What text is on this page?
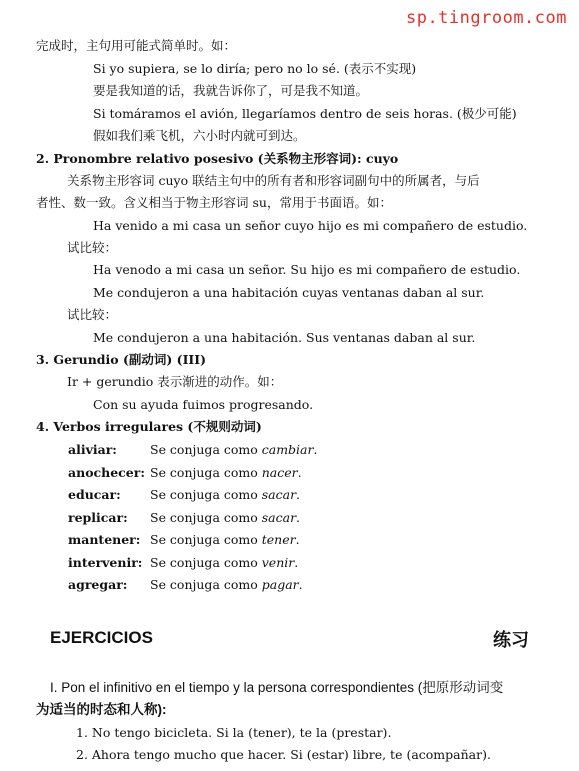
sp.tingroom.com
完成时，主句用可能式简单时。如：
Si yo supiera, se lo diría; pero no lo sé. (表示不实现)
要是我知道的话，我就告诉你了，可是我不知道。
Si tomáramos el avión, llegaríamos dentro de seis horas. (极少可能)
假如我们乘飞机，六小时内就可到达。
2. Pronombre relativo posesivo (关系物主形容词): cuyo
关系物主形容词 cuyo 联结主句中的所有者和形容词副句中的所属者，与后
者性、数一致。含义相当于物主形容词 su，常用于书面语。如：
Ha venido a mi casa un señor cuyo hijo es mi compañero de estudio.
试比较：
Ha venodo a mi casa un señor. Su hijo es mi compañero de estudio.
Me condujeron a una habitación cuyas ventanas daban al sur.
试比较：
Me condujeron a una habitación. Sus ventanas daban al sur.
3. Gerundio (副动词) (III)
Ir + gerundio 表示渐进的动作。如：
Con su ayuda fuimos progresando.
4. Verbos irregulares (不规则动词)
aliviar:	Se conjuga como cambiar.
anochecer: Se conjuga como nacer.
educar: Se conjuga como sacar.
replicar: Se conjuga como sacar.
mantener: Se conjuga como tener.
intervenir: Se conjuga como venir.
agregar: Se conjuga como pagar.
EJERCICIOS	练习
I. Pon el infinitivo en el tiempo y la persona correspondientes (把原形动词变
为适当的时态和人称):
1. No tengo bicicleta. Si la (tener), te la (prestar).
2. Ahora tengo mucho que hacer. Si (estar) libre, te (acompañar).
